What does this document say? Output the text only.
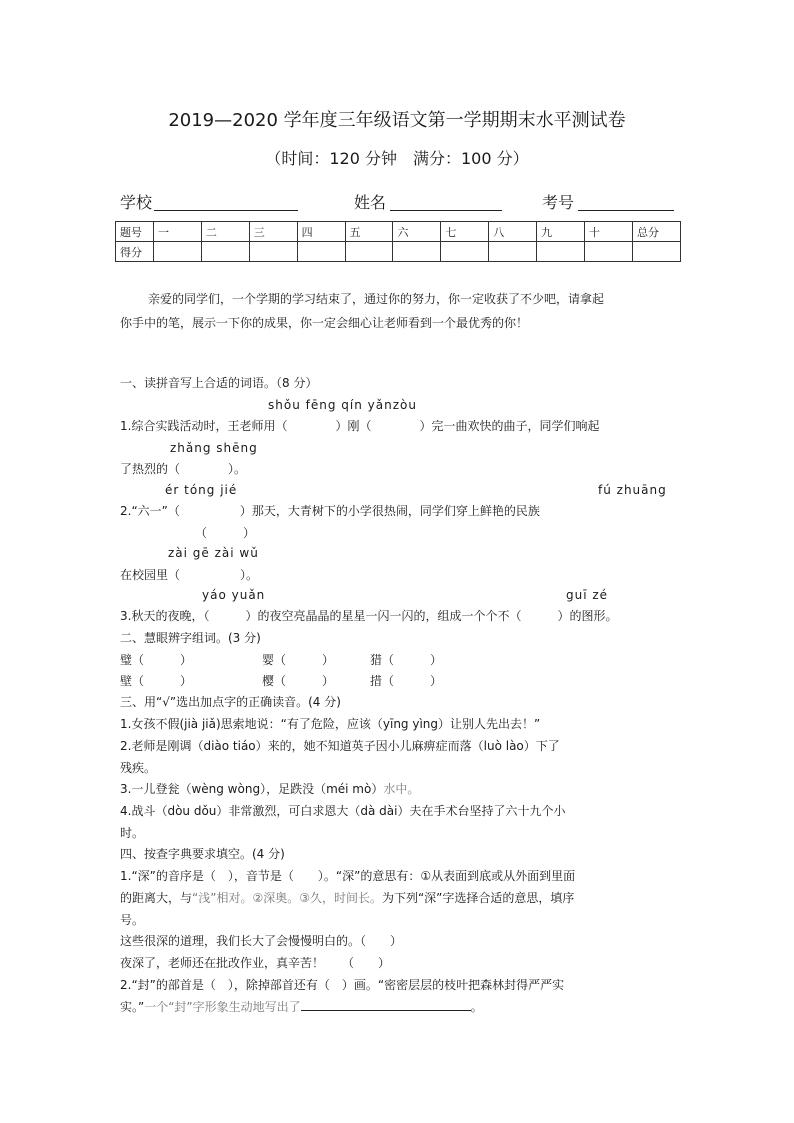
2019—2020 学年度三年级语文第一学期期末水平测试卷
（时间：120 分钟　满分：100 分）
学校	姓名	考号
题号	一	二	三	四	五	六	七	八	九	十	总分
得分											
亲爱的同学们，一个学期的学习结束了，通过你的努力，你一定收获了不少吧，请拿起
你手中的笔，展示一下你的成果，你一定会细心让老师看到一个最优秀的你！
一、读拼音写上合适的词语。（8 分）
shǒu fēng qín yǎnzòu
1.综合实践活动时，王老师用（　　　　）刚（　　　　）完一曲欢快的曲子，同学们响起
zhǎng shēng
了热烈的（　　　　）。
ér tóng jié	fú zhuāng
2.“六一”（　　　　　）那天，大青树下的小学很热闹，同学们穿上鲜艳的民族
（　　　）
zài gē zài wǔ
在校园里（　　　　　）。
yáo yuǎn	guī zé
3.秋天的夜晚，（　　　）的夜空亮晶晶的星星一闪一闪的，组成一个个不（　　　）的图形。
二、慧眼辨字组词。(3 分)
璧（　　　）	婴（　　　）	猎（　　　）
壁（　　　）	樱（　　　）	措（　　　）
三、用“√”选出加点字的正确读音。(4 分)
1.女孩不假(jià jiǎ)思索地说：“有了危险，应该（yīng yìng）让别人先出去！”
2.老师是刚调（diào tiáo）来的，她不知道英子因小儿麻痹症而落（luò lào）下了
残疾。
3.一儿登瓮（wèng wòng），足跌没（méi mò）水中。
4.战斗（dòu dǒu）非常激烈，可白求恩大（dà dài）夫在手术台坚持了六十九个小
时。
四、按查字典要求填空。(4 分)
1.“深”的音序是（　），音节是（　　）。“深”的意思有：①从表面到底或从外面到里面
的距离大，与“浅”相对。②深奥。③久，时间长。为下列“深”字选择合适的意思，填序
号。
这些很深的道理，我们长大了会慢慢明白的。（　　）
夜深了，老师还在批改作业，真辛苦！　　（　　）
2.“封”的部首是（　），除掉部首还有（　）画。“密密层层的枝叶把森林封得严严实
实。”一个“封”字形象生动地写出了	。
